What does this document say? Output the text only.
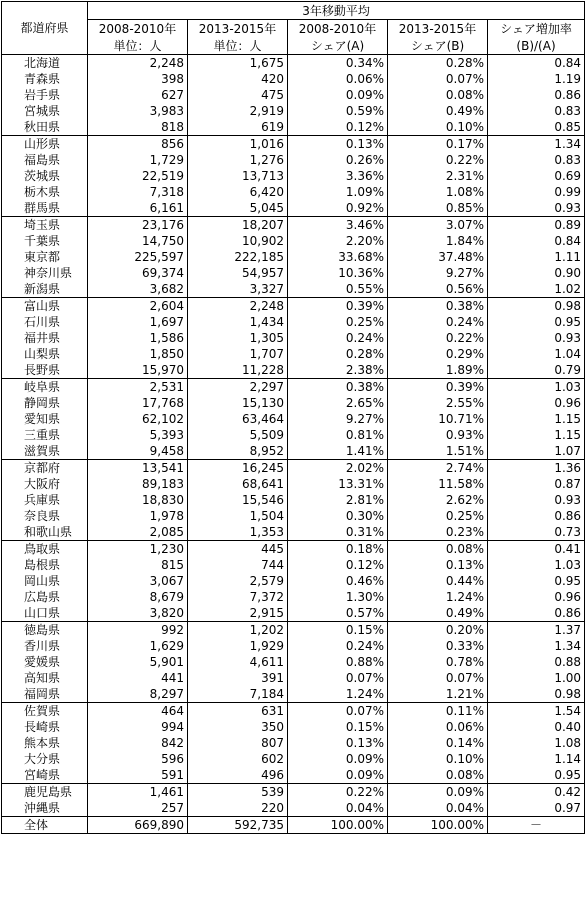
都道府県	3年移動平均				
	2008-2010年	2013-2015年	2008-2010年	2013-2015年	シェア増加率
	単位：人	単位：人	シェア(A)	シェア(B)	(B)/(A)
北海道	2,248	1,675	0.34%	0.28%	0.84
青森県	398	420	0.06%	0.07%	1.19
岩手県	627	475	0.09%	0.08%	0.86
宮城県	3,983	2,919	0.59%	0.49%	0.83
秋田県	818	619	0.12%	0.10%	0.85
山形県	856	1,016	0.13%	0.17%	1.34
福島県	1,729	1,276	0.26%	0.22%	0.83
茨城県	22,519	13,713	3.36%	2.31%	0.69
栃木県	7,318	6,420	1.09%	1.08%	0.99
群馬県	6,161	5,045	0.92%	0.85%	0.93
埼玉県	23,176	18,207	3.46%	3.07%	0.89
千葉県	14,750	10,902	2.20%	1.84%	0.84
東京都	225,597	222,185	33.68%	37.48%	1.11
神奈川県	69,374	54,957	10.36%	9.27%	0.90
新潟県	3,682	3,327	0.55%	0.56%	1.02
富山県	2,604	2,248	0.39%	0.38%	0.98
石川県	1,697	1,434	0.25%	0.24%	0.95
福井県	1,586	1,305	0.24%	0.22%	0.93
山梨県	1,850	1,707	0.28%	0.29%	1.04
長野県	15,970	11,228	2.38%	1.89%	0.79
岐阜県	2,531	2,297	0.38%	0.39%	1.03
静岡県	17,768	15,130	2.65%	2.55%	0.96
愛知県	62,102	63,464	9.27%	10.71%	1.15
三重県	5,393	5,509	0.81%	0.93%	1.15
滋賀県	9,458	8,952	1.41%	1.51%	1.07
京都府	13,541	16,245	2.02%	2.74%	1.36
大阪府	89,183	68,641	13.31%	11.58%	0.87
兵庫県	18,830	15,546	2.81%	2.62%	0.93
奈良県	1,978	1,504	0.30%	0.25%	0.86
和歌山県	2,085	1,353	0.31%	0.23%	0.73
鳥取県	1,230	445	0.18%	0.08%	0.41
島根県	815	744	0.12%	0.13%	1.03
岡山県	3,067	2,579	0.46%	0.44%	0.95
広島県	8,679	7,372	1.30%	1.24%	0.96
山口県	3,820	2,915	0.57%	0.49%	0.86
徳島県	992	1,202	0.15%	0.20%	1.37
香川県	1,629	1,929	0.24%	0.33%	1.34
愛媛県	5,901	4,611	0.88%	0.78%	0.88
高知県	441	391	0.07%	0.07%	1.00
福岡県	8,297	7,184	1.24%	1.21%	0.98
佐賀県	464	631	0.07%	0.11%	1.54
長崎県	994	350	0.15%	0.06%	0.40
熊本県	842	807	0.13%	0.14%	1.08
大分県	596	602	0.09%	0.10%	1.14
宮崎県	591	496	0.09%	0.08%	0.95
鹿児島県	1,461	539	0.22%	0.09%	0.42
沖縄県	257	220	0.04%	0.04%	0.97
全体	669,890	592,735	100.00%	100.00%	－
